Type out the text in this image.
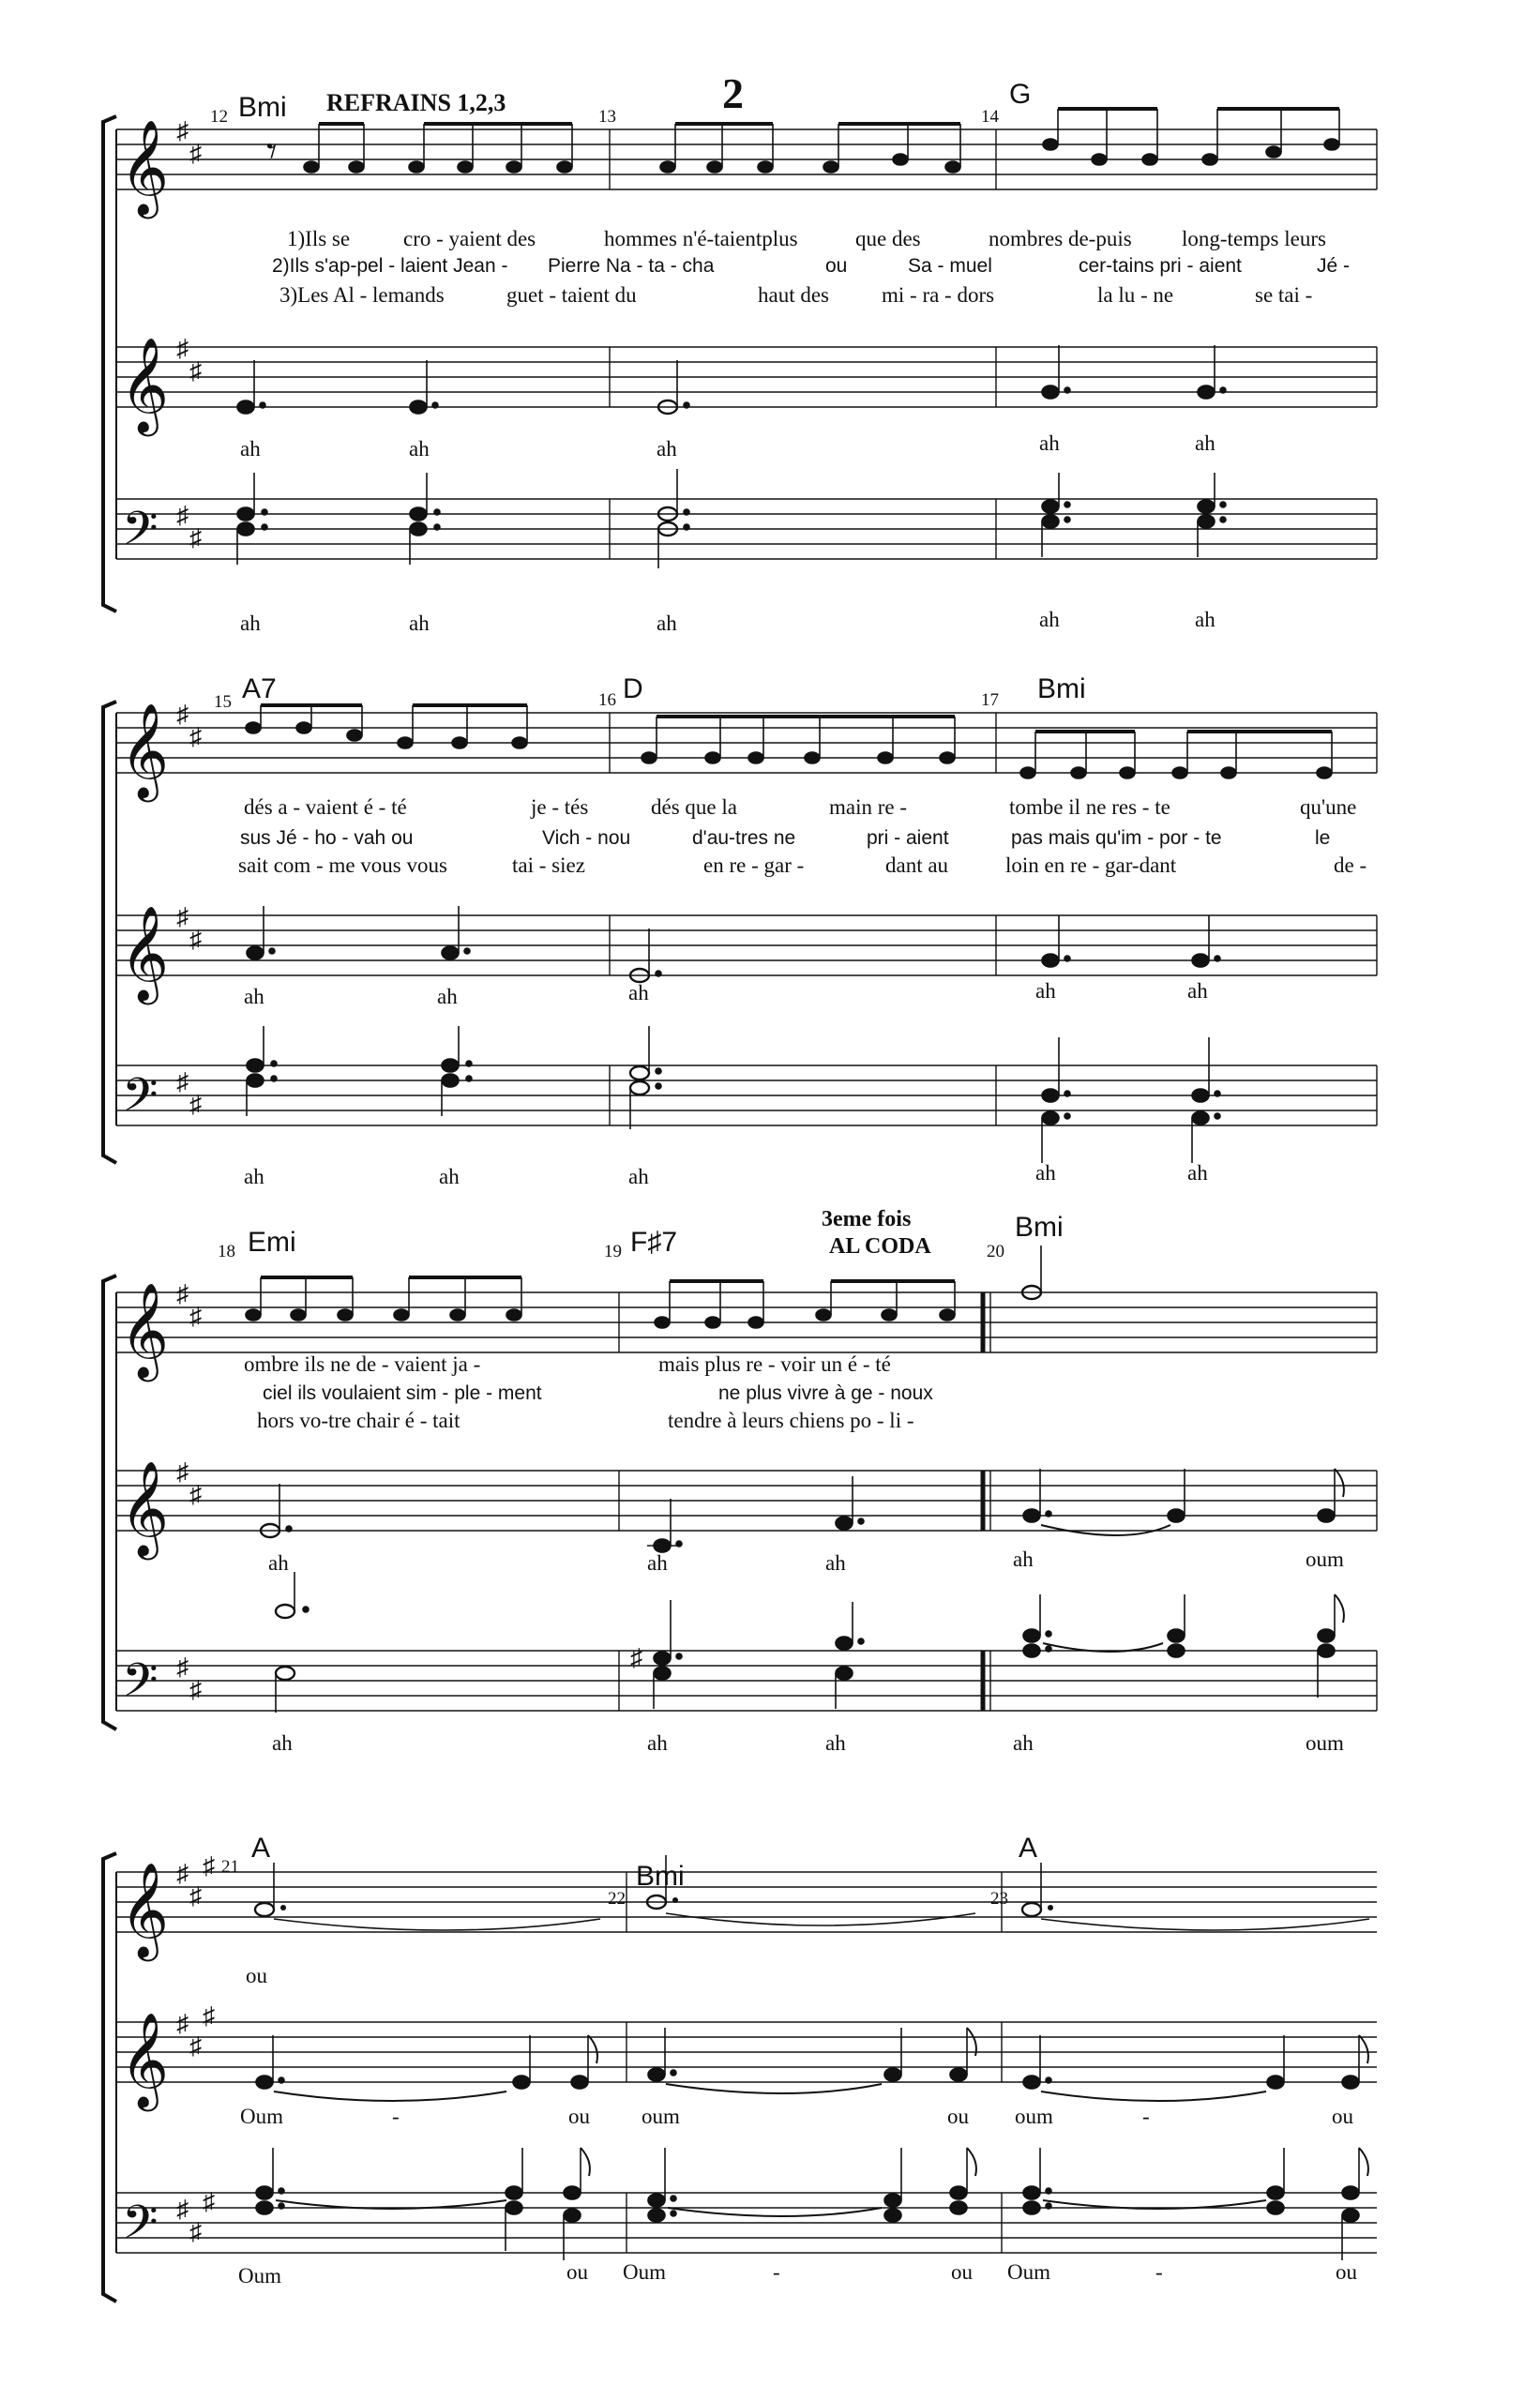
REFRAINS 1,2,3	2
3eme fois
AL CODA
𝄞
𝄞
𝄢
♯
♯
♯
♯
♯
♯
12 Bmi	13	14
G
𝄾
1)Ils se cro - yaient des	hommes n'é-taientplus	que des	nombres de-puis long-temps leurs
2)Ils s'ap-pel - laient Jean - Pierre Na - ta - cha	ou	Sa - muel	cer-tains pri - aient	Jé -
3)Les Al - lemands	guet - taient du	haut des mi - ra - dors	la lu - ne	se tai -
ah	ah	ah	ah	ah
ah	ah	ah	ah	ah
𝄞
𝄞
𝄢
♯
♯
♯
♯
♯
♯
15 A7	16 D	17 Bmi
dés a - vaient é - té	je - tés	dés que la	main re -	tombe il ne res - te	qu'une
sus Jé - ho - vah ou	Vich - nou	d'au-tres ne	pri - aient	pas mais qu'im - por - te	le
sait com - me vous vous	tai - siez	en re - gar -	dant au	loin en re - gar-dant	de -
ah	ah	ah	ah	ah
ah	ah	ah	ah	ah
𝄞
𝄞
𝄢
♯
♯
♯
♯
♯
♯
18 Emi	19 F♯7	20
Bmi
ombre ils ne de - vaient ja -	mais plus re - voir un é - té
ciel ils voulaient sim - ple - ment	ne plus vivre à ge - noux
hors vo-tre chair é - tait	tendre à leurs chiens po - li -
ah	ah	ah	ah	oum
♯
ah	ah	ah	ah	oum
𝄞
𝄞
𝄢
♯
♯
♯
♯
♯
♯
♯
♯
♯
21
A
22
Bmi
23
A
ou
Oum	-	ou oum	ou oum	-	ou
Oum	ou Oum	-	ou Oum	-	ou
